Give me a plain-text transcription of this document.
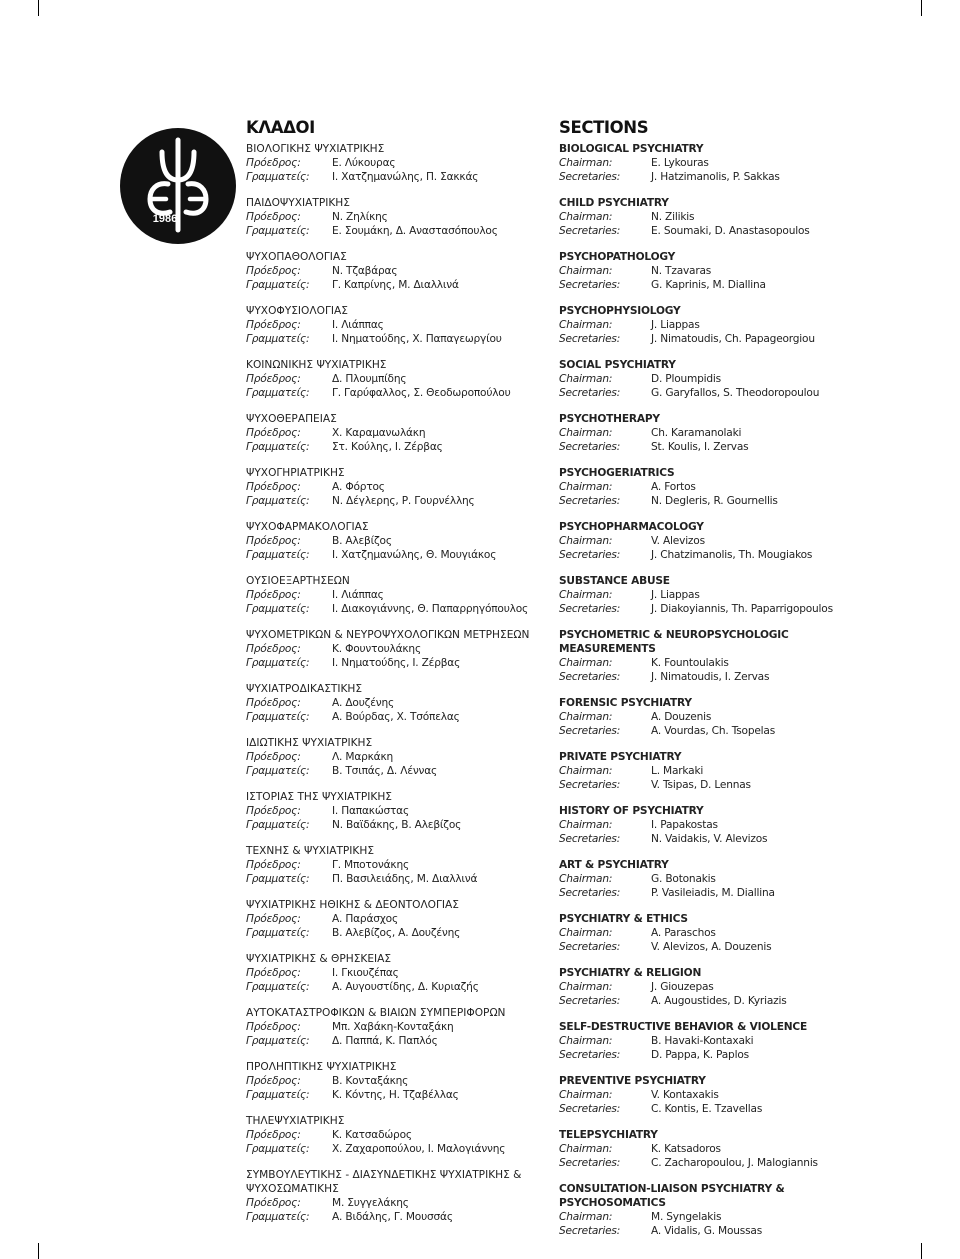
1986
ΚΛΑΔΟΙ
ΒΙΟΛΟΓΙΚΗΣ ΨΥΧΙΑΤΡΙΚΗΣ
Πρόεδρος:	Ε. Λύκουρας
Γραμματείς:	Ι. Χατζημανώλης, Π. Σακκάς
ΠΑΙΔΟΨΥΧΙΑΤΡΙΚΗΣ
Πρόεδρος:	Ν. Ζηλίκης
Γραμματείς:	Ε. Σουμάκη, Δ. Αναστασόπουλος
ΨΥΧΟΠΑΘΟΛΟΓΙΑΣ
Πρόεδρος:	Ν. Τζαβάρας
Γραμματείς:	Γ. Καπρίνης, Μ. Διαλλινά
ΨΥΧΟΦΥΣΙΟΛΟΓΙΑΣ
Πρόεδρος:	Ι. Λιάππας
Γραμματείς:	Ι. Νηματούδης, Χ. Παπαγεωργίου
ΚΟΙΝΩΝΙΚΗΣ ΨΥΧΙΑΤΡΙΚΗΣ
Πρόεδρος:	Δ. Πλουμπίδης
Γραμματείς:	Γ. Γαρύφαλλος, Σ. Θεοδωροπούλου
ΨΥΧΟΘΕΡΑΠΕΙΑΣ
Πρόεδρος:	Χ. Καραμανωλάκη
Γραμματείς:	Στ. Κούλης, Ι. Ζέρβας
ΨΥΧΟΓΗΡΙΑΤΡΙΚΗΣ
Πρόεδρος:	Α. Φόρτος
Γραμματείς:	Ν. Δέγλερης, Ρ. Γουρνέλλης
ΨΥΧΟΦΑΡΜΑΚΟΛΟΓΙΑΣ
Πρόεδρος:	Β. Αλεβίζος
Γραμματείς:	Ι. Χατζημανώλης, Θ. Μουγιάκος
ΟΥΣΙΟΕΞΑΡΤΗΣΕΩΝ
Πρόεδρος:	Ι. Λιάππας
Γραμματείς:	Ι. Διακογιάννης, Θ. Παπαρρηγόπουλος
ΨΥΧΟΜΕΤΡΙΚΩΝ & ΝΕΥΡΟΨΥΧΟΛΟΓΙΚΩΝ ΜΕΤΡΗΣΕΩΝ
Πρόεδρος:	Κ. Φουντουλάκης
Γραμματείς:	Ι. Νηματούδης, Ι. Ζέρβας
ΨΥΧΙΑΤΡΟΔΙΚΑΣΤΙΚΗΣ
Πρόεδρος:	Α. Δουζένης
Γραμματείς:	Α. Βούρδας, Χ. Τσόπελας
ΙΔΙΩΤΙΚΗΣ ΨΥΧΙΑΤΡΙΚΗΣ
Πρόεδρος:	Λ. Μαρκάκη
Γραμματείς:	Β. Τσιπάς, Δ. Λέννας
ΙΣΤΟΡΙΑΣ ΤΗΣ ΨΥΧΙΑΤΡΙΚΗΣ
Πρόεδρος:	Ι. Παπακώστας
Γραμματείς:	Ν. Βαϊδάκης, Β. Αλεβίζος
ΤΕΧΝΗΣ & ΨΥΧΙΑΤΡΙΚΗΣ
Πρόεδρος:	Γ. Μποτονάκης
Γραμματείς:	Π. Βασιλειάδης, Μ. Διαλλινά
ΨΥΧΙΑΤΡΙΚΗΣ ΗΘΙΚΗΣ & ΔΕΟΝΤΟΛΟΓΙΑΣ
Πρόεδρος:	Α. Παράσχος
Γραμματείς:	Β. Αλεβίζος, Α. Δουζένης
ΨΥΧΙΑΤΡΙΚΗΣ & ΘΡΗΣΚΕΙΑΣ
Πρόεδρος:	Ι. Γκιουζέπας
Γραμματείς:	Α. Αυγουστίδης, Δ. Κυριαζής
ΑΥΤΟΚΑΤΑΣΤΡΟΦΙΚΩΝ & ΒΙΑΙΩΝ ΣΥΜΠΕΡΙΦΟΡΩΝ
Πρόεδρος:	Μπ. Χαβάκη-Κονταξάκη
Γραμματείς:	Δ. Παππά, Κ. Παπλός
ΠΡΟΛΗΠΤΙΚΗΣ ΨΥΧΙΑΤΡΙΚΗΣ
Πρόεδρος:	Β. Κονταξάκης
Γραμματείς:	Κ. Κόντης, Η. Τζαβέλλας
ΤΗΛΕΨΥΧΙΑΤΡΙΚΗΣ
Πρόεδρος:	Κ. Κατσαδώρος
Γραμματείς:	Χ. Ζαχαροπούλου, Ι. Μαλογιάννης
ΣΥΜΒΟΥΛΕΥΤΙΚΗΣ - ΔΙΑΣΥΝΔΕΤΙΚΗΣ ΨΥΧΙΑΤΡΙΚΗΣ & ΨΥΧΟΣΩΜΑΤΙΚΗΣ
Πρόεδρος:	Μ. Συγγελάκης
Γραμματείς:	Α. Βιδάλης, Γ. Μουσσάς
SECTIONS
BIOLOGICAL PSYCHIATRY
Chairman:	E. Lykouras
Secretaries:	J. Hatzimanolis, P. Sakkas
CHILD PSYCHIATRY
Chairman:	N. Zilikis
Secretaries:	E. Soumaki, D. Anastasopoulos
PSYCHOPATHOLOGY
Chairman:	N. Tzavaras
Secretaries:	G. Kaprinis, M. Diallina
PSYCHOPHYSIOLOGY
Chairman:	J. Liappas
Secretaries:	J. Nimatoudis, Ch. Papageorgiou
SOCIAL PSYCHIATRY
Chairman:	D. Ploumpidis
Secretaries:	G. Garyfallos, S. Theodoropoulou
PSYCHOTHERAPY
Chairman:	Ch. Karamanolaki
Secretaries:	St. Koulis, I. Zervas
PSYCHOGERIATRICS
Chairman:	A. Fortos
Secretaries:	N. Degleris, R. Gournellis
PSYCHOPHARMACOLOGY
Chairman:	V. Alevizos
Secretaries:	J. Chatzimanolis, Th. Mougiakos
SUBSTANCE ABUSE
Chairman:	J. Liappas
Secretaries:	J. Diakoyiannis, Th. Paparrigopoulos
PSYCHOMETRIC & NEUROPSYCHOLOGIC MEASUREMENTS
Chairman:	K. Fountoulakis
Secretaries:	J. Nimatoudis, I. Zervas
FORENSIC PSYCHIATRY
Chairman:	A. Douzenis
Secretaries:	A. Vourdas, Ch. Tsopelas
PRIVATE PSYCHIATRY
Chairman:	L. Markaki
Secretaries:	V. Tsipas, D. Lennas
HISTORY OF PSYCHIATRY
Chairman:	I. Papakostas
Secretaries:	N. Vaidakis, V. Alevizos
ART & PSYCHIATRY
Chairman:	G. Botonakis
Secretaries:	P. Vasileiadis, M. Diallina
PSYCHIATRY & ETHICS
Chairman:	A. Paraschos
Secretaries:	V. Alevizos, A. Douzenis
PSYCHIATRY & RELIGION
Chairman:	J. Giouzepas
Secretaries:	A. Augoustides, D. Kyriazis
SELF-DESTRUCTIVE BEHAVIOR & VIOLENCE
Chairman:	B. Havaki-Kontaxaki
Secretaries:	D. Pappa, K. Paplos
PREVENTIVE PSYCHIATRY
Chairman:	V. Kontaxakis
Secretaries:	C. Kontis, E. Tzavellas
TELEPSYCHIATRY
Chairman:	K. Katsadoros
Secretaries:	C. Zacharopoulou, J. Malogiannis
CONSULTATION-LIAISON PSYCHIATRY & PSYCHOSOMATICS
Chairman:	M. Syngelakis
Secretaries:	A. Vidalis, G. Moussas
